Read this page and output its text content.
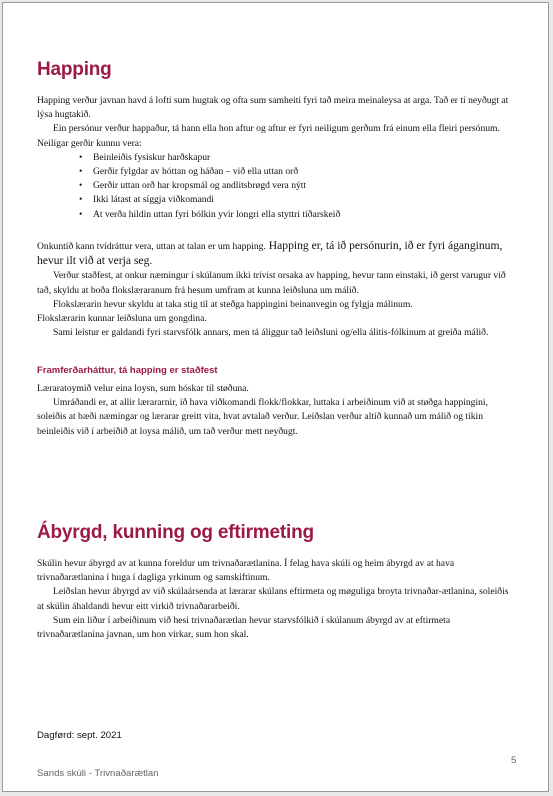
Happing

Happing verður javnan havd á lofti sum hugtak og ofta sum samheiti fyri tað meira meinaleysa at arga. Tað er tí neyðugt at lýsa hugtakið.

Ein persónur verður happaður, tá hann ella hon aftur og aftur er fyri neiligum gerðum frá einum ella fleiri persónum. Neiligar gerðir kunnu vera:

• Beinleiðis fysiskur harðskapur
• Gerðir fylgdar av hóttan og háðan – við ella uttan orð
• Gerðir uttan orð har kropsmál og andlitsbrøgd vera nýtt
• Ikki látast at síggja viðkomandi
• At verða hildin uttan fyri bólkin yvir longri ella styttri tíðarskeið

Onkuntíð kann tvídráttur vera, uttan at talan er um happing. Happing er, tá ið persónurin, ið er fyri áganginum, hevur ilt við at verja seg.

Verður staðfest, at onkur næmingur í skúlanum ikki trívist orsaka av happing, hevur tann einstaki, ið gerst varugur við tað, skyldu at boða flokslæraranum frá hesum umfram at kunna leiðsluna um málið.

Flokslærarin hevur skyldu at taka stig til at steðga happingini beinanvegin og fylgja málinum.

Flokslærarin kunnar leiðsluna um gongdina.

Sami leistur er galdandi fyri starvsfólk annars, men tá áliggur tað leiðsluni og/ella álitis-fólkinum at greiða málið.

Framferðarháttur, tá happing er staðfest

Læraratoymið velur eina loysn, sum hóskar til støðuna.

Umráðandi er, at allir lærararnir, ið hava viðkomandi flokk/flokkar, luttaka í arbeiðinum við at støðga happingini, soleiðis at bæði næmingar og lærarar greitt vita, hvat avtalað verður. Leiðslan verður altíð kunnað um málið og tikin beinleiðis við í arbeiðið at loysa málið, um tað verður mett neyðugt.

Ábyrgd, kunning og eftirmeting

Skúlin hevur ábyrgd av at kunna foreldur um trivnaðarætlanina. Í felag hava skúli og heim ábyrgd av at hava trivnaðarætlanina í huga í dagliga yrkinum og samskiftinum.

Leiðslan hevur ábyrgd av við skúlaársenda at lærarar skúlans eftirmeta og møguliga broyta trivnaðar-ætlanina, soleiðis at skúlin áhaldandi hevur eitt virkið trivnaðararbeiði.

Sum ein liður í arbeiðinum við hesi trivnaðarætlan hevur starvsfólkið í skúlanum ábyrgd av at eftirmeta trivnaðarætlanina javnan, um hon virkar, sum hon skal.

Dagførd: sept. 2021
5
Sands skúli - Trivnaðarætlan
